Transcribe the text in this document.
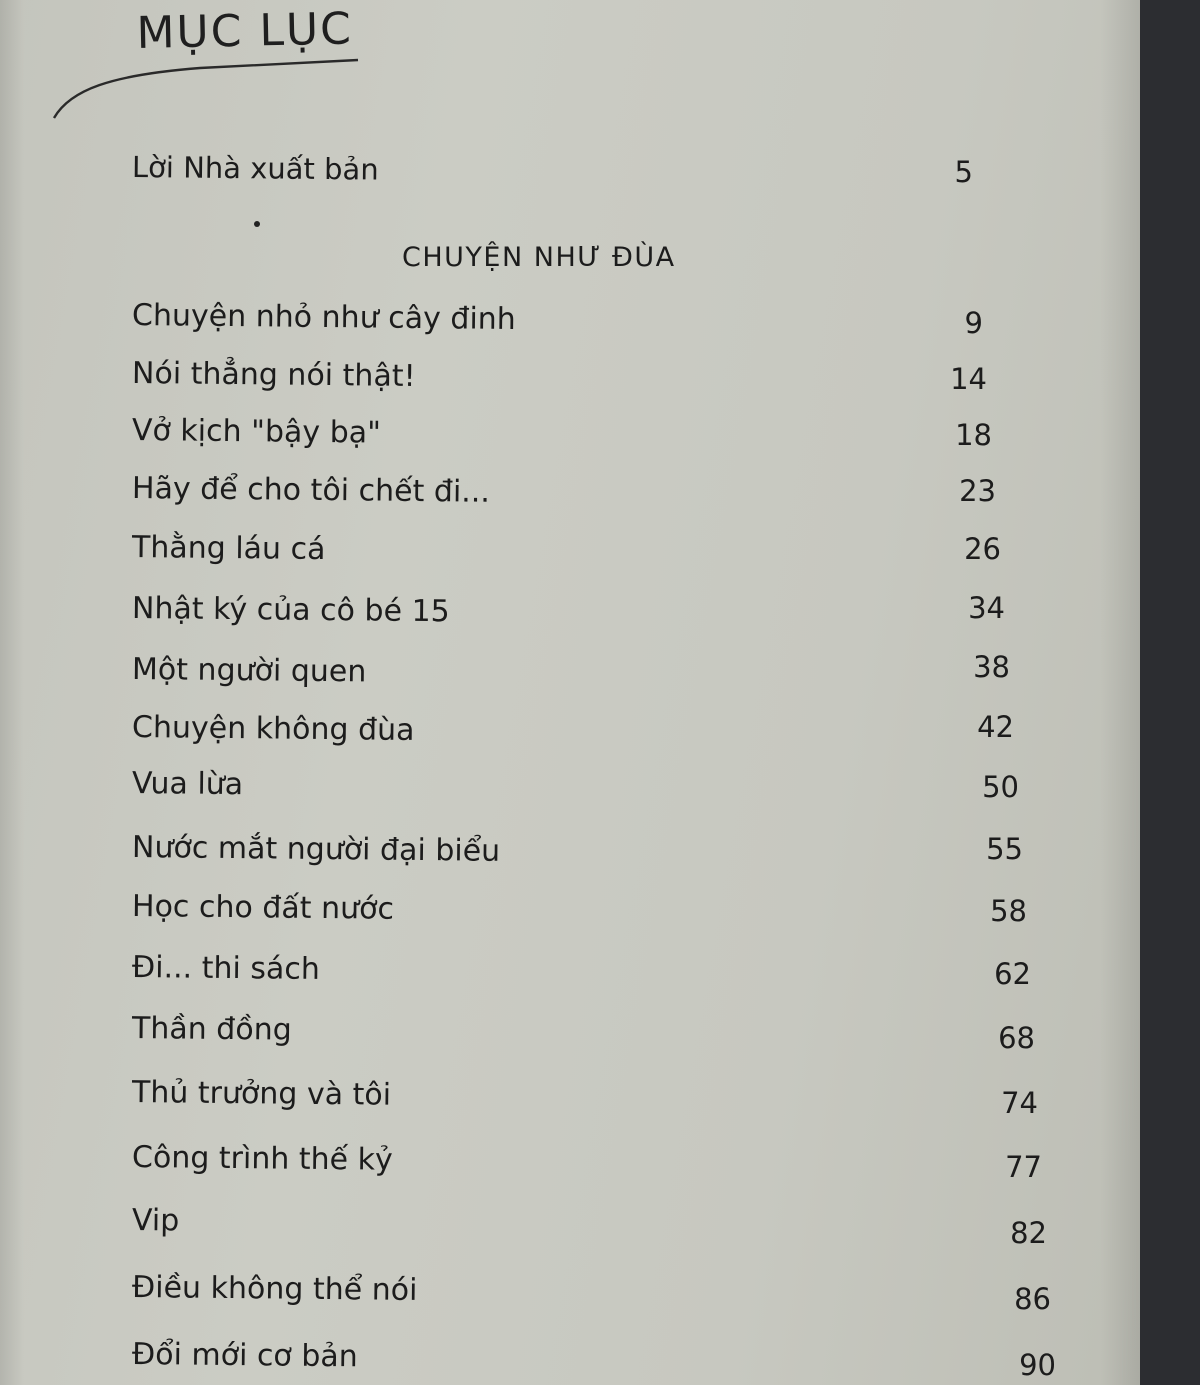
MỤC LỤC
Lời Nhà xuất bản	5
CHUYỆN NHƯ ĐÙA
Chuyện nhỏ như cây đinh	9
Nói thẳng nói thật!	14
Vở kịch "bậy bạ"	18
Hãy để cho tôi chết đi...	23
Thằng láu cá	26
Nhật ký của cô bé 15	34
Một người quen	38
Chuyện không đùa	42
Vua lừa	50
Nước mắt người đại biểu	55
Học cho đất nước	58
Đi... thi sách	62
Thần đồng	68
Thủ trưởng và tôi	74
Công trình thế kỷ	77
Vip	82
Điều không thể nói	86
Đổi mới cơ bản	90
